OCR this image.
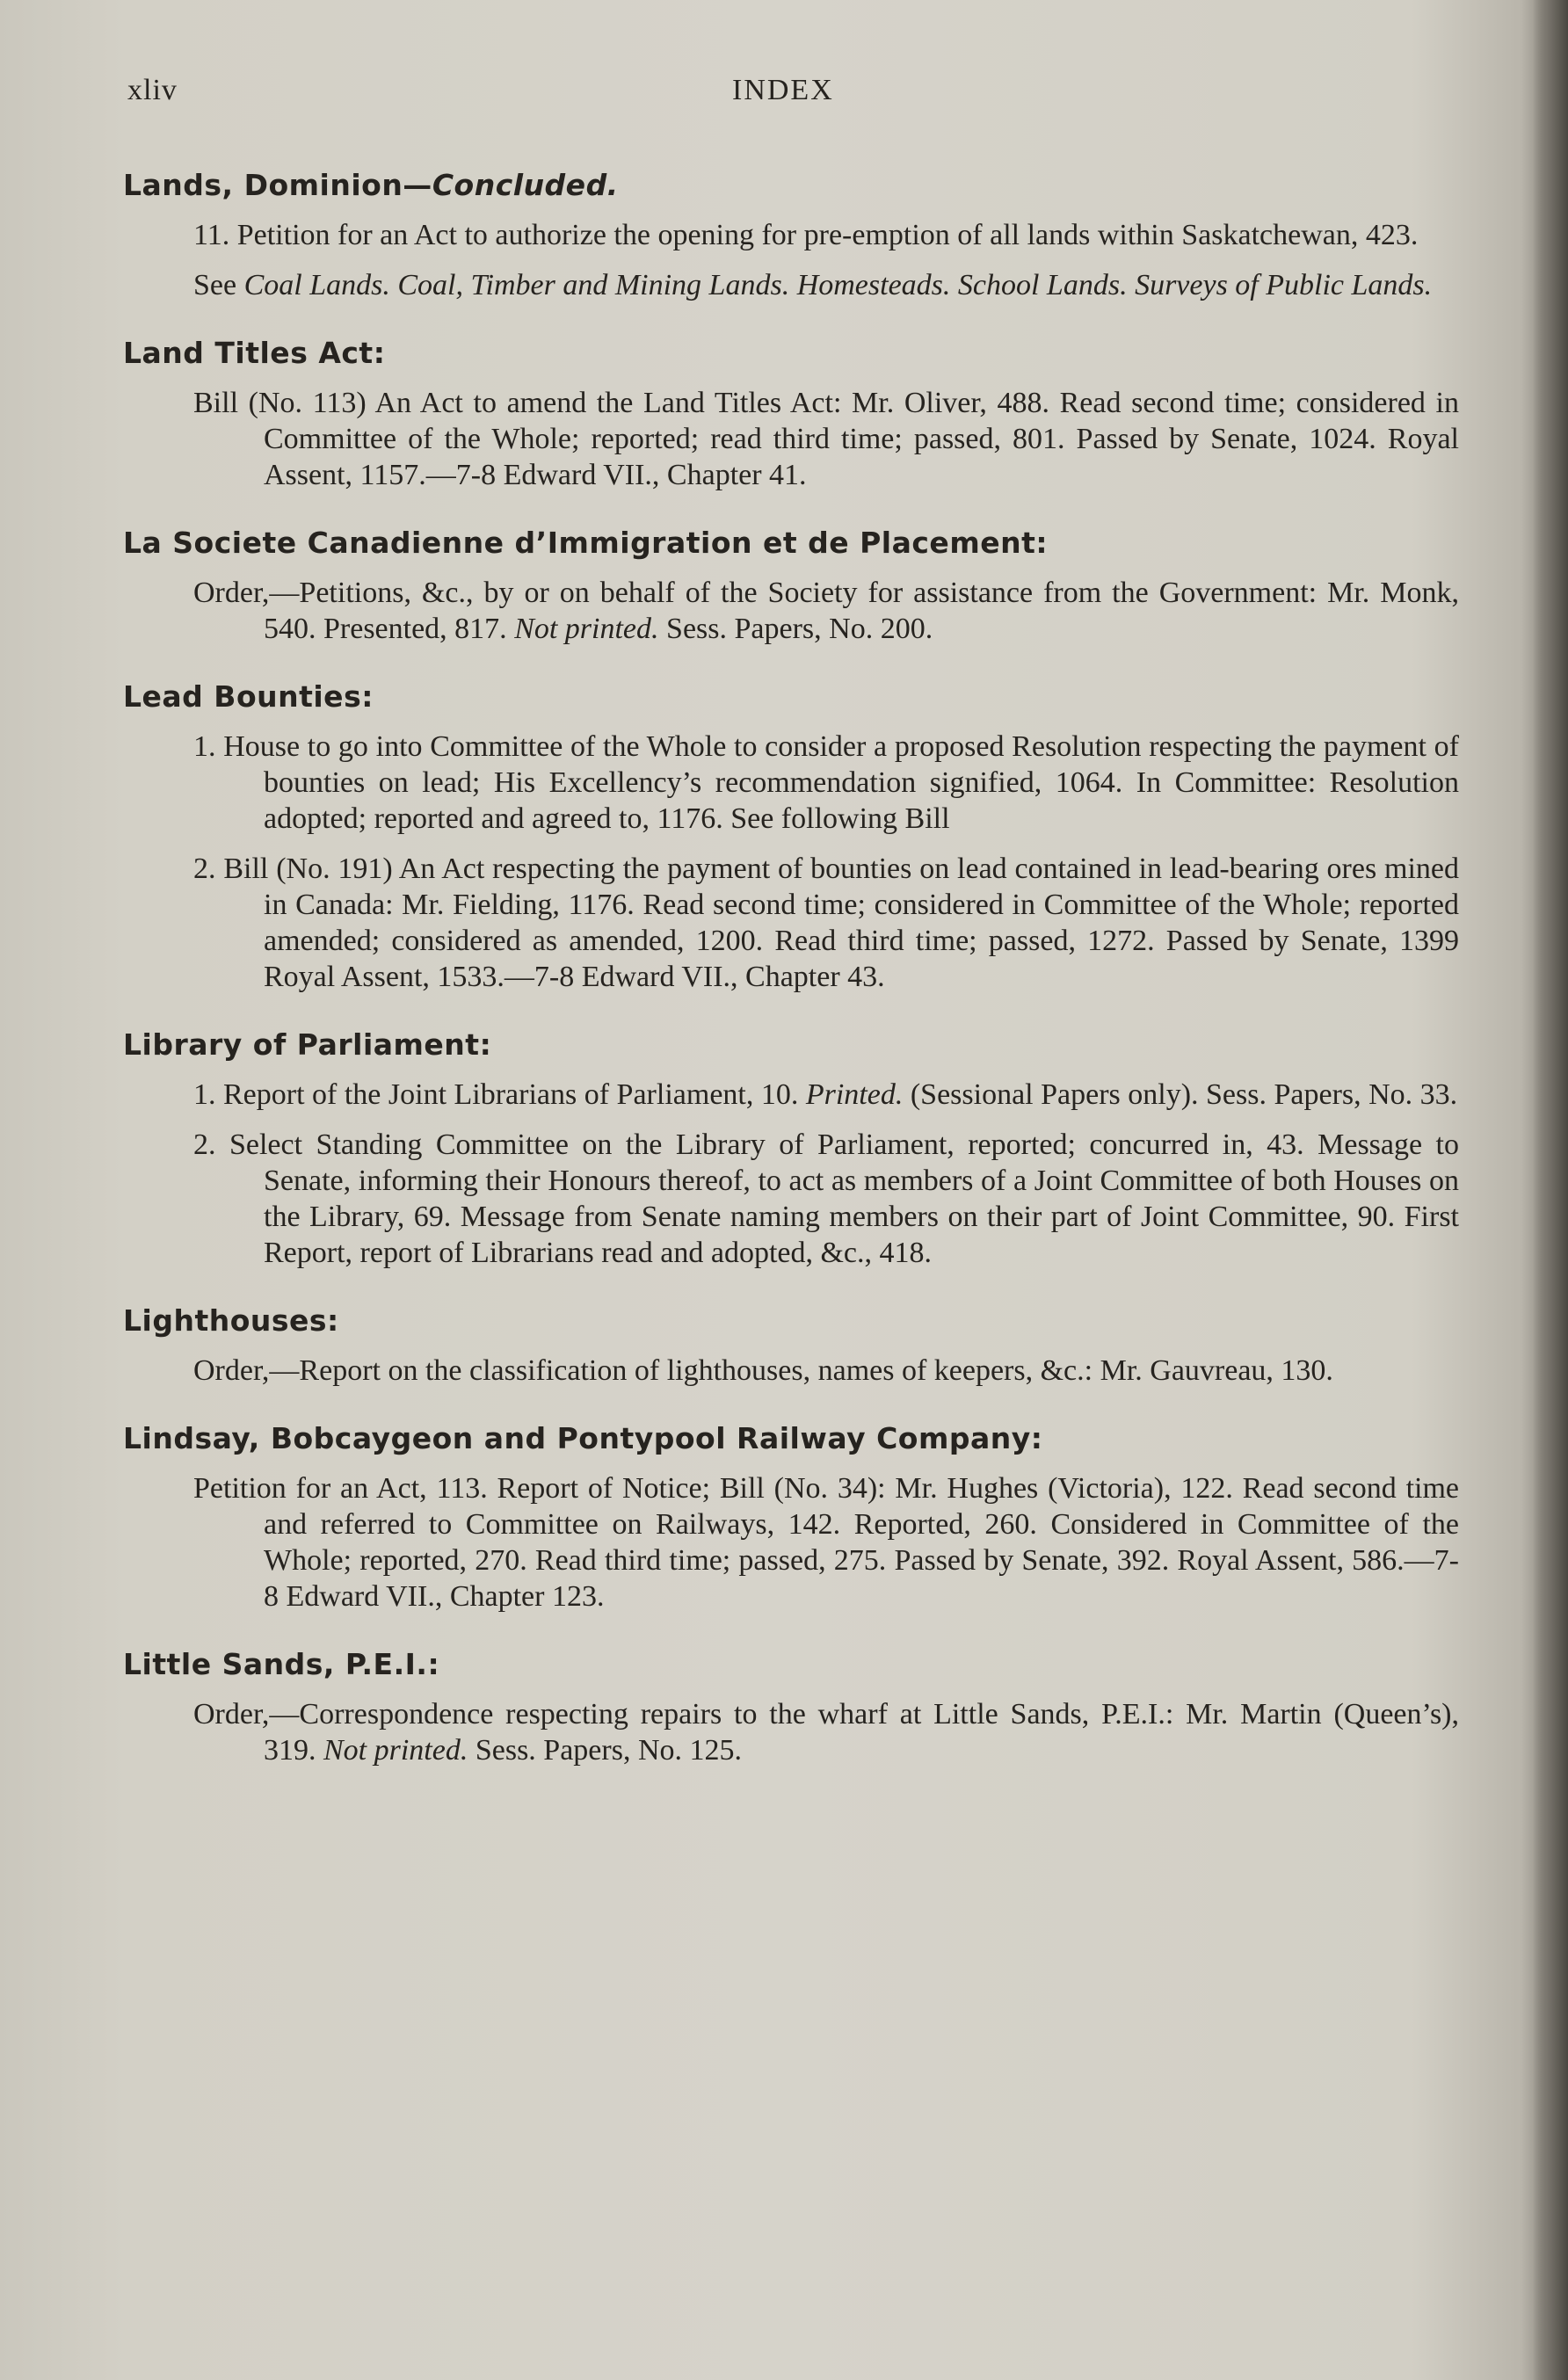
xliv	INDEX
Lands, Dominion—Concluded.
11. Petition for an Act to authorize the opening for pre-emption of all lands within Saskatchewan, 423.
See Coal Lands. Coal, Timber and Mining Lands. Homesteads. School Lands. Surveys of Public Lands.
Land Titles Act:
Bill (No. 113) An Act to amend the Land Titles Act: Mr. Oliver, 488. Read second time; considered in Committee of the Whole; reported; read third time; passed, 801. Passed by Senate, 1024. Royal Assent, 1157.—7-8 Edward VII., Chapter 41.
La Societe Canadienne d’Immigration et de Placement:
Order,—Petitions, &c., by or on behalf of the Society for assistance from the Government: Mr. Monk, 540. Presented, 817. Not printed. Sess. Papers, No. 200.
Lead Bounties:
1. House to go into Committee of the Whole to consider a proposed Resolution respecting the payment of bounties on lead; His Excellency’s recommendation signified, 1064. In Committee: Resolution adopted; reported and agreed to, 1176. See following Bill
2. Bill (No. 191) An Act respecting the payment of bounties on lead contained in lead-bearing ores mined in Canada: Mr. Fielding, 1176. Read second time; considered in Committee of the Whole; reported amended; considered as amended, 1200. Read third time; passed, 1272. Passed by Senate, 1399 Royal Assent, 1533.—7-8 Edward VII., Chapter 43.
Library of Parliament:
1. Report of the Joint Librarians of Parliament, 10. Printed. (Sessional Papers only). Sess. Papers, No. 33.
2. Select Standing Committee on the Library of Parliament, reported; concurred in, 43. Message to Senate, informing their Honours thereof, to act as members of a Joint Committee of both Houses on the Library, 69. Message from Senate naming members on their part of Joint Committee, 90. First Report, report of Librarians read and adopted, &c., 418.
Lighthouses:
Order,—Report on the classification of lighthouses, names of keepers, &c.: Mr. Gauvreau, 130.
Lindsay, Bobcaygeon and Pontypool Railway Company:
Petition for an Act, 113. Report of Notice; Bill (No. 34): Mr. Hughes (Victoria), 122. Read second time and referred to Committee on Railways, 142. Reported, 260. Considered in Committee of the Whole; reported, 270. Read third time; passed, 275. Passed by Senate, 392. Royal Assent, 586.—7-8 Edward VII., Chapter 123.
Little Sands, P.E.I.:
Order,—Correspondence respecting repairs to the wharf at Little Sands, P.E.I.: Mr. Martin (Queen’s), 319. Not printed. Sess. Papers, No. 125.
